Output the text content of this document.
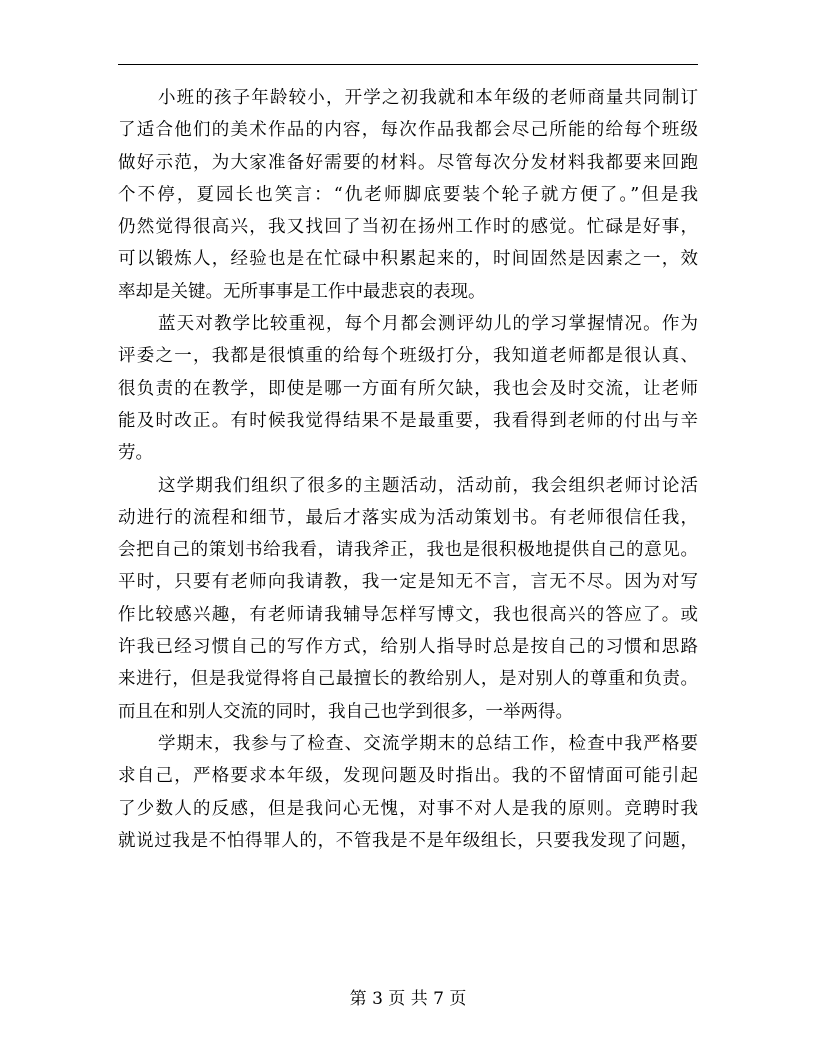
小班的孩子年龄较小，开学之初我就和本年级的老师商量共同制订
了适合他们的美术作品的内容，每次作品我都会尽己所能的给每个班级
做好示范，为大家准备好需要的材料。尽管每次分发材料我都要来回跑
个不停，夏园长也笑言：“仇老师脚底要装个轮子就方便了。”但是我
仍然觉得很高兴，我又找回了当初在扬州工作时的感觉。忙碌是好事，
可以锻炼人，经验也是在忙碌中积累起来的，时间固然是因素之一，效
率却是关键。无所事事是工作中最悲哀的表现。
蓝天对教学比较重视，每个月都会测评幼儿的学习掌握情况。作为
评委之一，我都是很慎重的给每个班级打分，我知道老师都是很认真、
很负责的在教学，即使是哪一方面有所欠缺，我也会及时交流，让老师
能及时改正。有时候我觉得结果不是最重要，我看得到老师的付出与辛
劳。
这学期我们组织了很多的主题活动，活动前，我会组织老师讨论活
动进行的流程和细节，最后才落实成为活动策划书。有老师很信任我，
会把自己的策划书给我看，请我斧正，我也是很积极地提供自己的意见。
平时，只要有老师向我请教，我一定是知无不言，言无不尽。因为对写
作比较感兴趣，有老师请我辅导怎样写博文，我也很高兴的答应了。或
许我已经习惯自己的写作方式，给别人指导时总是按自己的习惯和思路
来进行，但是我觉得将自己最擅长的教给别人，是对别人的尊重和负责。
而且在和别人交流的同时，我自己也学到很多，一举两得。
学期末，我参与了检查、交流学期末的总结工作，检查中我严格要
求自己，严格要求本年级，发现问题及时指出。我的不留情面可能引起
了少数人的反感，但是我问心无愧，对事不对人是我的原则。竞聘时我
就说过我是不怕得罪人的，不管我是不是年级组长，只要我发现了问题，
第 3 页 共 7 页
